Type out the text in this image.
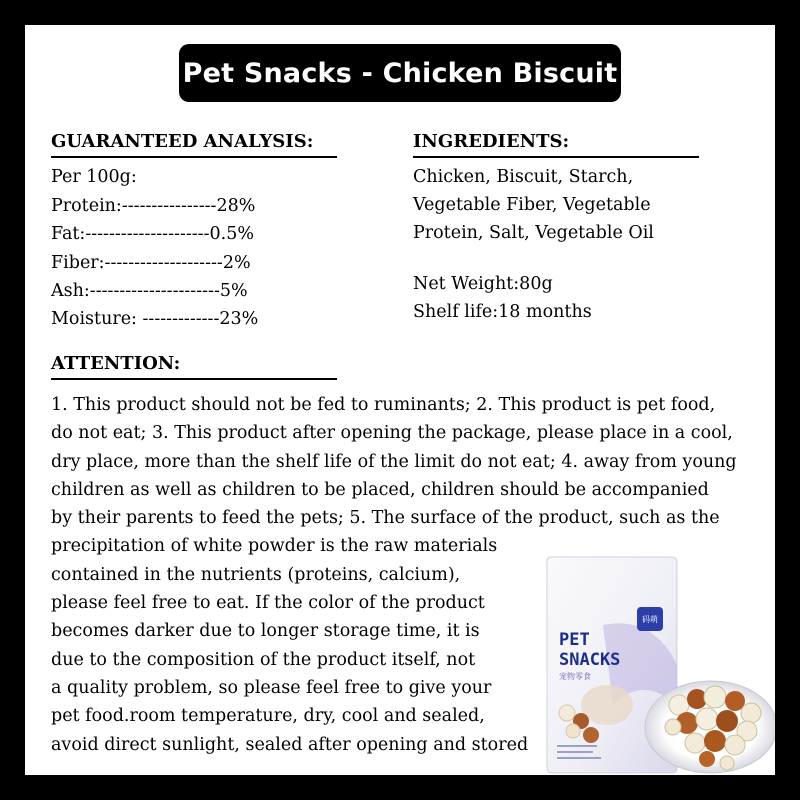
Pet Snacks - Chicken Biscuit
GUARANTEED ANALYSIS:
Per 100g:
Protein:----------------28%
Fat:---------------------0.5%
Fiber:--------------------2%
Ash:----------------------5%
Moisture: -------------23%
INGREDIENTS:
Chicken, Biscuit, Starch,
Vegetable Fiber, Vegetable
Protein, Salt, Vegetable Oil
Net Weight:80g
Shelf life:18 months
ATTENTION:
1. This product should not be fed to ruminants; 2. This product is pet food,
do not eat; 3. This product after opening the package, please place in a cool,
dry place, more than the shelf life of the limit do not eat; 4. away from young
children as well as children to be placed, children should be accompanied
by their parents to feed the pets; 5. The surface of the product, such as the
precipitation of white powder is the raw materials
contained in the nutrients (proteins, calcium),
please feel free to eat. If the color of the product
becomes darker due to longer storage time, it is
due to the composition of the product itself, not
a quality problem, so please feel free to give your
pet food.room temperature, dry, cool and sealed,
avoid direct sunlight, sealed after opening and stored
码萌
PET
SNACKS
宠物零食
